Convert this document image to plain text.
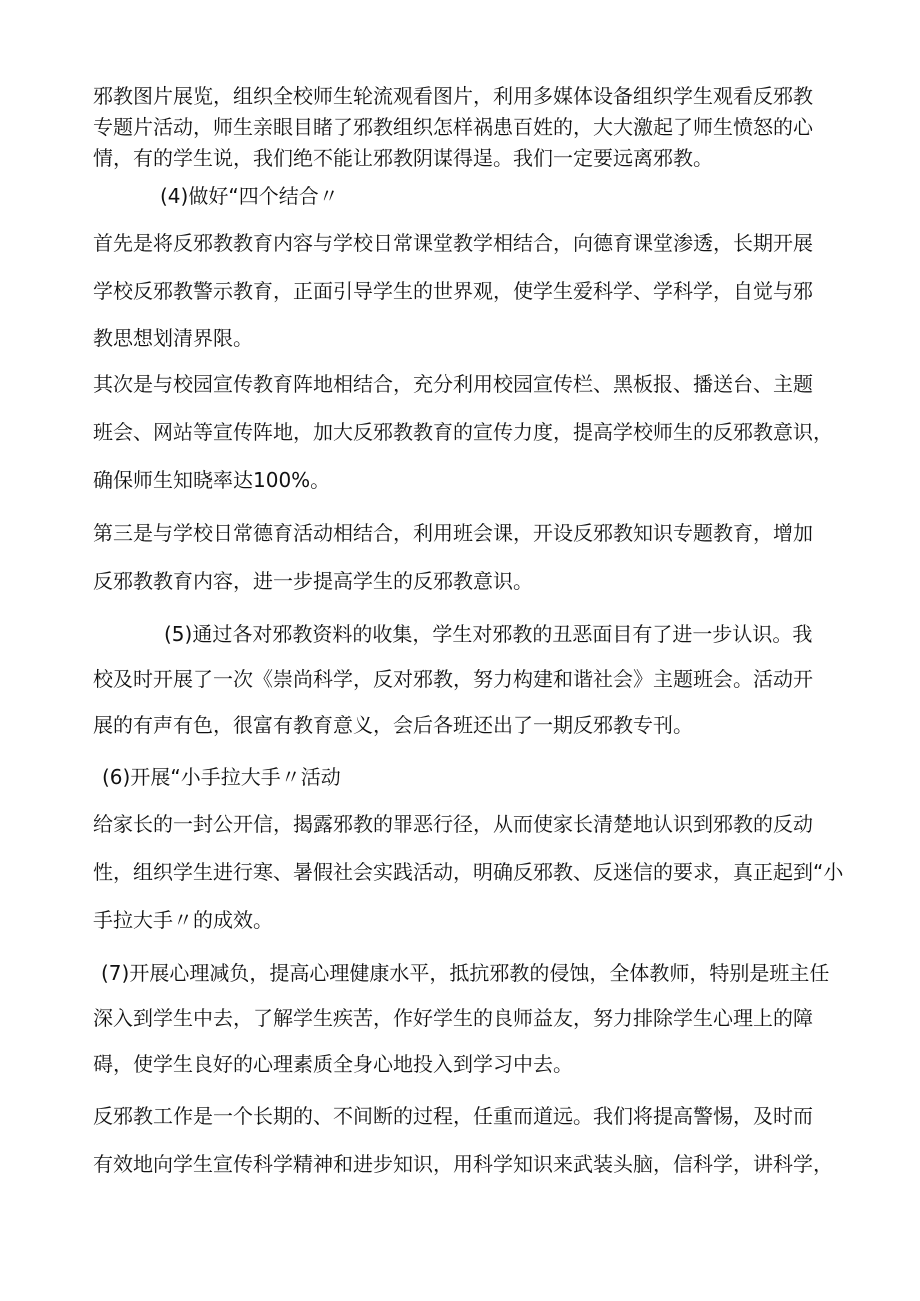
邪教图片展览，组织全校师生轮流观看图片，利用多媒体设备组织学生观看反邪教
专题片活动，师生亲眼目睹了邪教组织怎样祸患百姓的，大大激起了师生愤怒的心
情，有的学生说，我们绝不能让邪教阴谋得逞。我们一定要远离邪教。
(4)做好“四个结合〃
首先是将反邪教教育内容与学校日常课堂教学相结合，向德育课堂渗透，长期开展
学校反邪教警示教育，正面引导学生的世界观，使学生爱科学、学科学，自觉与邪
教思想划清界限。
其次是与校园宣传教育阵地相结合，充分利用校园宣传栏、黑板报、播送台、主题
班会、网站等宣传阵地，加大反邪教教育的宣传力度，提高学校师生的反邪教意识，
确保师生知晓率达100%。
第三是与学校日常德育活动相结合，利用班会课，开设反邪教知识专题教育，增加
反邪教教育内容，进一步提高学生的反邪教意识。
(5)通过各对邪教资料的收集，学生对邪教的丑恶面目有了进一步认识。我
校及时开展了一次《崇尚科学，反对邪教，努力构建和谐社会》主题班会。活动开
展的有声有色，很富有教育意义，会后各班还出了一期反邪教专刊。
(6)开展“小手拉大手〃活动
给家长的一封公开信，揭露邪教的罪恶行径，从而使家长清楚地认识到邪教的反动
性，组织学生进行寒、暑假社会实践活动，明确反邪教、反迷信的要求，真正起到“小
手拉大手〃的成效。
(7)开展心理减负，提高心理健康水平，抵抗邪教的侵蚀，全体教师，特别是班主任
深入到学生中去，了解学生疾苦，作好学生的良师益友，努力排除学生心理上的障
碍，使学生良好的心理素质全身心地投入到学习中去。
反邪教工作是一个长期的、不间断的过程，任重而道远。我们将提高警惕，及时而
有效地向学生宣传科学精神和进步知识，用科学知识来武装头脑，信科学，讲科学，
